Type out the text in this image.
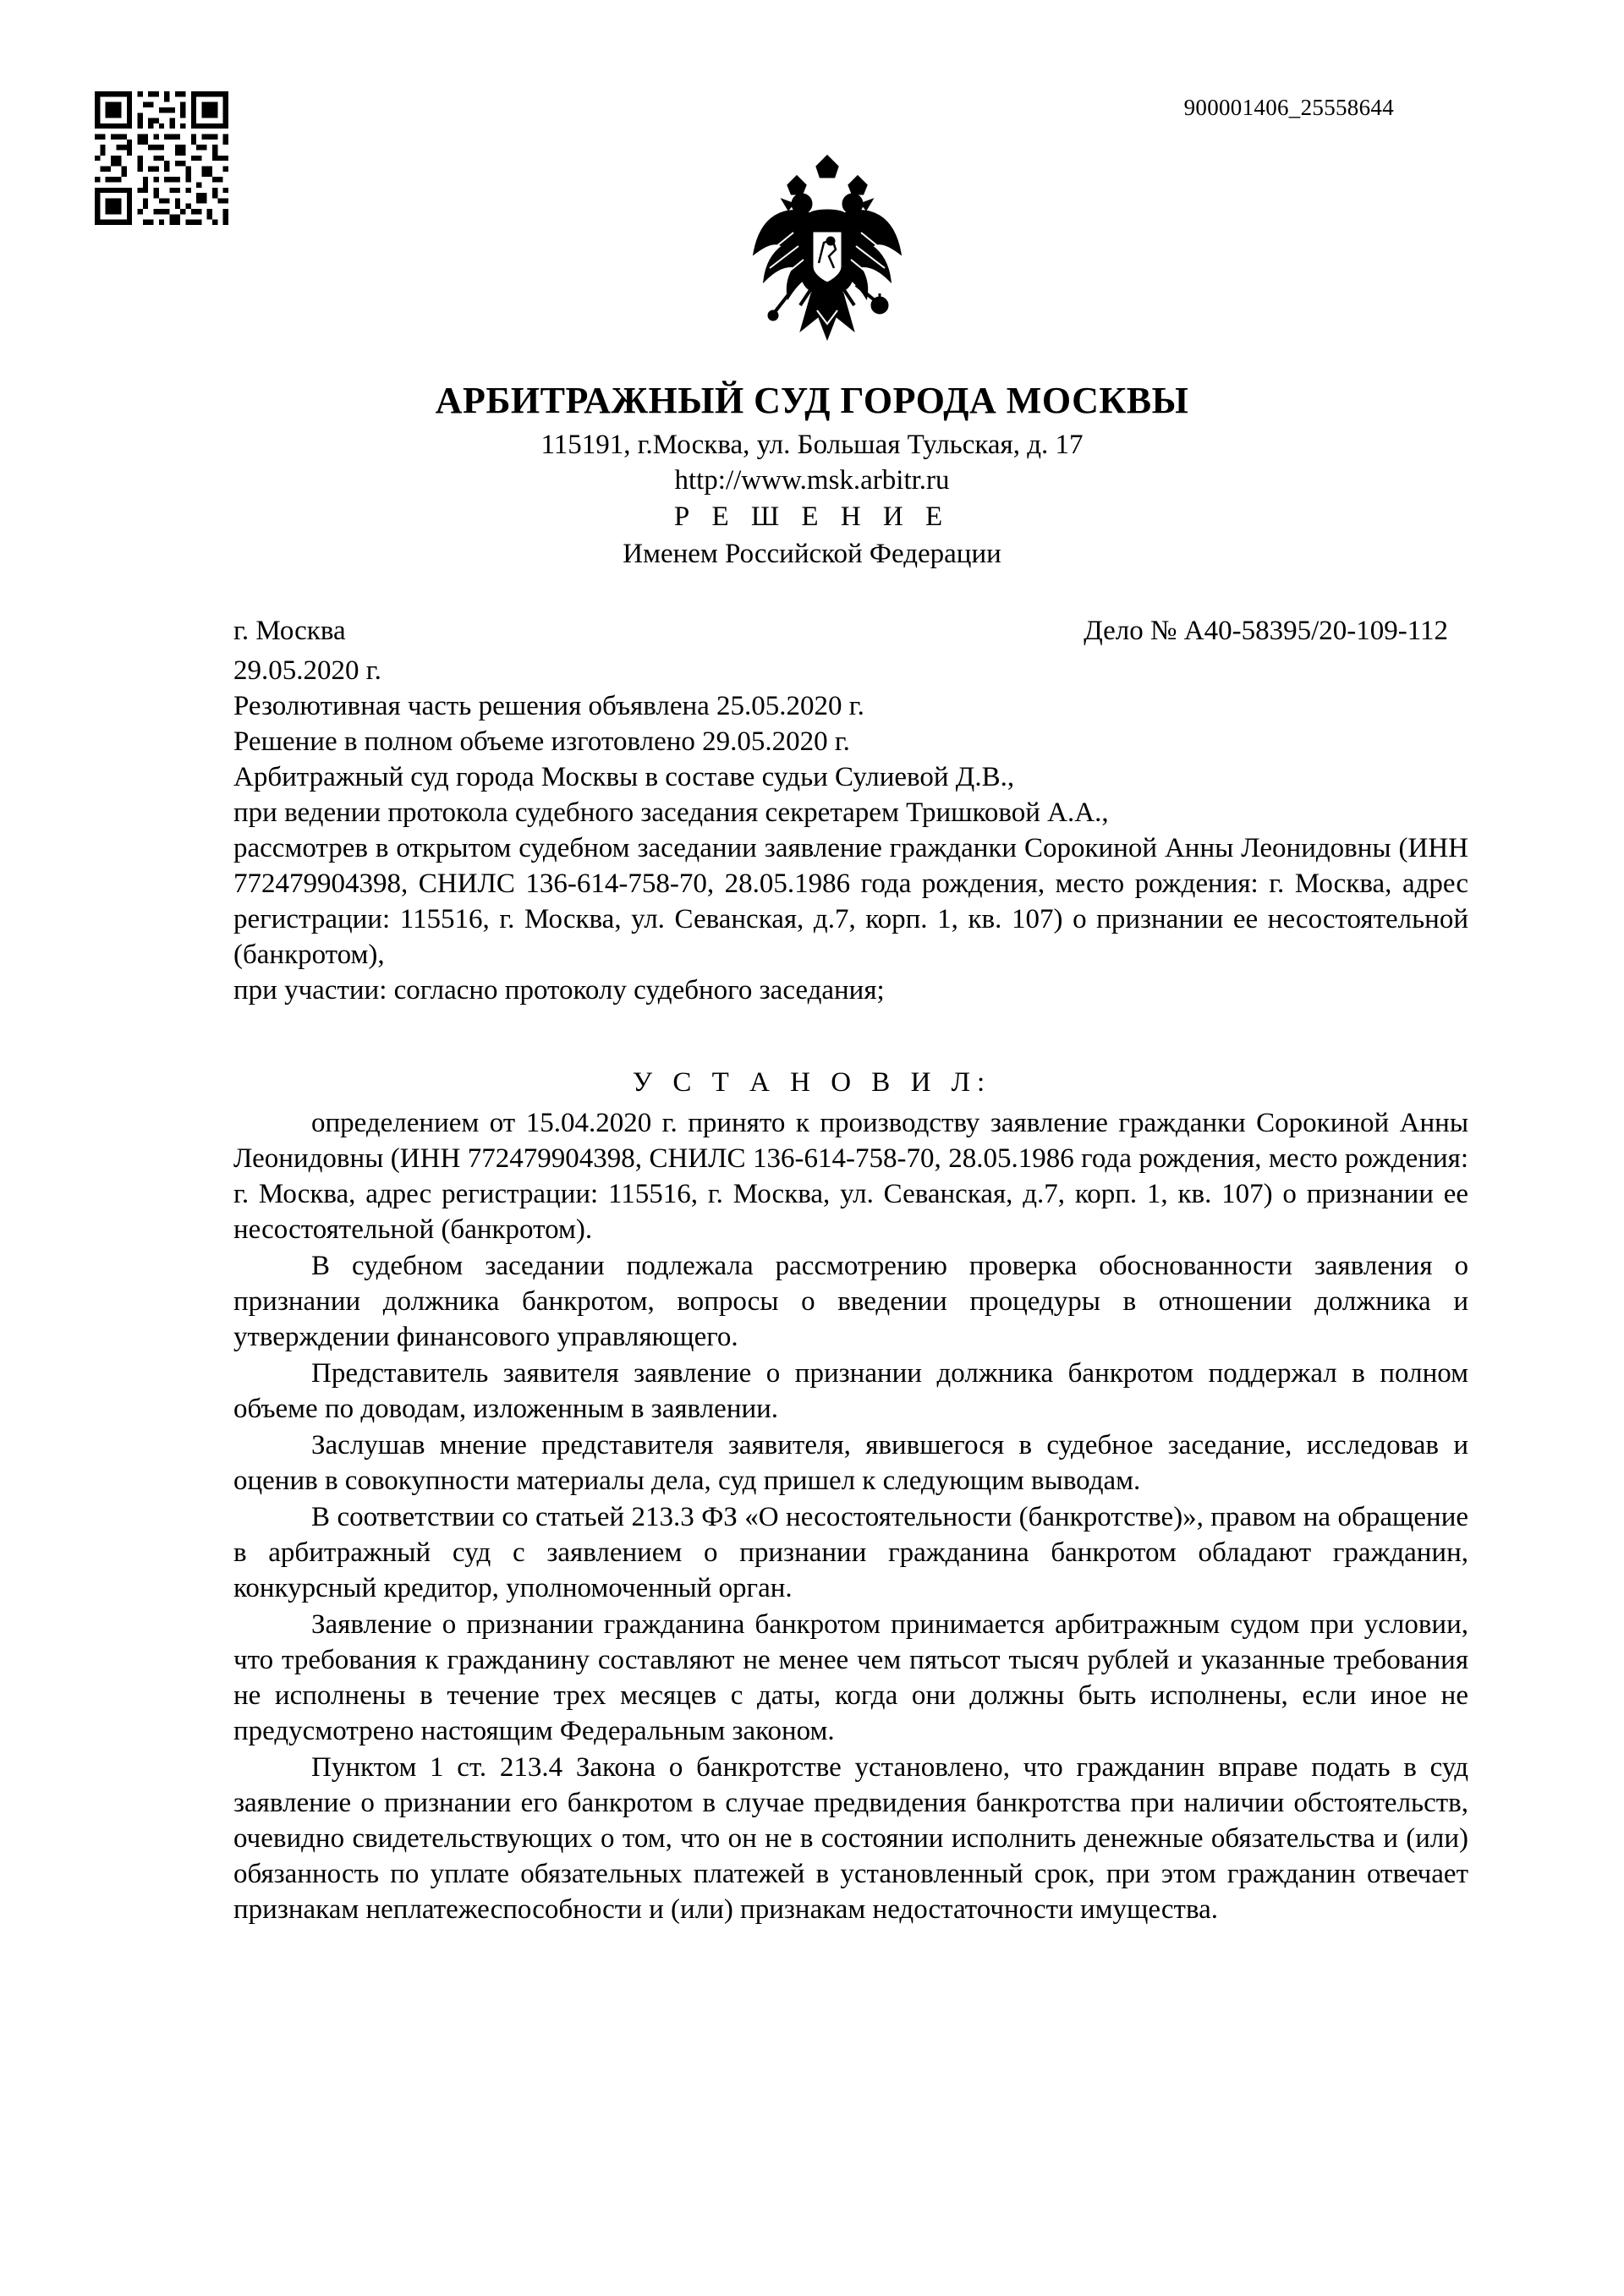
900001406_25558644
АРБИТРАЖНЫЙ СУД ГОРОДА МОСКВЫ
115191, г.Москва, ул. Большая Тульская, д. 17
http://www.msk.arbitr.ru
Р Е Ш Е Н И Е
Именем Российской Федерации
г. Москва	Дело № А40-58395/20-109-112

29.05.2020 г.

Резолютивная часть решения объявлена 25.05.2020 г.

Решение в полном объеме изготовлено 29.05.2020 г.

Арбитражный суд города Москвы в составе судьи Сулиевой Д.В.,

при ведении протокола судебного заседания секретарем Тришковой А.А.,

рассмотрев в открытом судебном заседании заявление гражданки Сорокиной Анны Леонидовны (ИНН 772479904398, СНИЛС 136-614-758-70, 28.05.1986 года рождения, место рождения: г. Москва, адрес регистрации: 115516, г. Москва, ул. Севанская, д.7, корп. 1, кв. 107) о признании ее несостоятельной (банкротом),

при участии: согласно протоколу судебного заседания;

У С Т А Н О В И Л:

определением от 15.04.2020 г. принято к производству заявление гражданки Сорокиной Анны Леонидовны (ИНН 772479904398, СНИЛС 136-614-758-70, 28.05.1986 года рождения, место рождения: г. Москва, адрес регистрации: 115516, г. Москва, ул. Севанская, д.7, корп. 1, кв. 107) о признании ее несостоятельной (банкротом).

В судебном заседании подлежала рассмотрению проверка обоснованности заявления о признании должника банкротом, вопросы о введении процедуры в отношении должника и утверждении финансового управляющего.

Представитель заявителя заявление о признании должника банкротом поддержал в полном объеме по доводам, изложенным в заявлении.

Заслушав мнение представителя заявителя, явившегося в судебное заседание, исследовав и оценив в совокупности материалы дела, суд пришел к следующим выводам.

В соответствии со статьей 213.3 ФЗ «О несостоятельности (банкротстве)», правом на обращение в арбитражный суд с заявлением о признании гражданина банкротом обладают гражданин, конкурсный кредитор, уполномоченный орган.

Заявление о признании гражданина банкротом принимается арбитражным судом при условии, что требования к гражданину составляют не менее чем пятьсот тысяч рублей и указанные требования не исполнены в течение трех месяцев с даты, когда они должны быть исполнены, если иное не предусмотрено настоящим Федеральным законом.

Пунктом 1 ст. 213.4 Закона о банкротстве установлено, что гражданин вправе подать в суд заявление о признании его банкротом в случае предвидения банкротства при наличии обстоятельств, очевидно свидетельствующих о том, что он не в состоянии исполнить денежные обязательства и (или) обязанность по уплате обязательных платежей в установленный срок, при этом гражданин отвечает признакам неплатежеспособности и (или) признакам недостаточности имущества.
